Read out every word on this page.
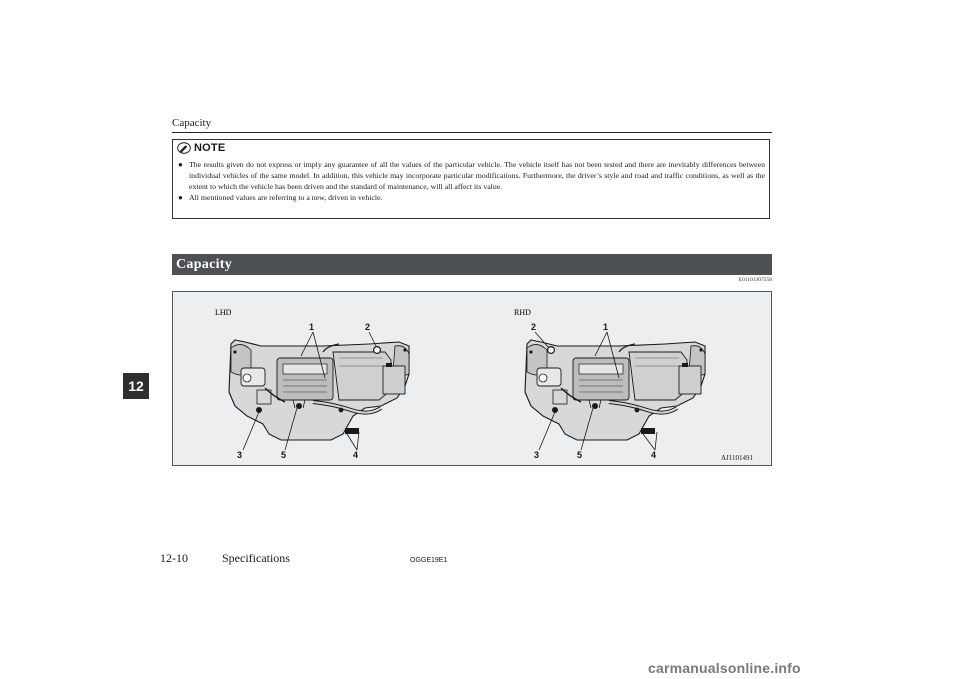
Capacity
12
NOTE
● The results given do not express or imply any guarantee of all the values of the particular vehicle. The vehicle itself has not been tested and there are inevitably differences between individual vehicles of the same model. In addition, this vehicle may incorporate particular modifications. Furthermore, the driver’s style and road and traffic conditions, as well as the extent to which the vehicle has been driven and the standard of maintenance, will all affect its value.
● All mentioned values are referring to a new, driven in vehicle.
Capacity
E01101307558
LHD	RHD
1	2
3	5	4
2	1
3	5	4	AJ1101491
12-10	Specifications	OGGE19E1
carmanualsonline.info
